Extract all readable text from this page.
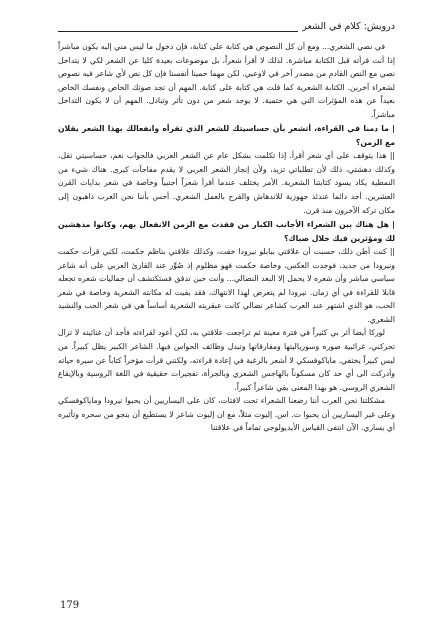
درويش: كلام في الشعر

في نصي الشعري... ومع أن كل النصوص هي كتابة على كتابة، فإن دخول ما ليس مني إليه يكون مباشراً إذا أنت قرأته قبل الكتابة مباشرة. لذلك لا أقرأ شعراً، بل موضوعات بعيدة كليا عن الشعر لكي لا يتداخل نصي مع النص القادم من مصدر آخر في لاوعيي. لكن مهما حمينا أنفسنا فإن كل نص لأي شاعر فيه نصوص لشعراء آخرين. الكتابة الشعرية كما قلت هي كتابة على كتابة. المهم أن تجد صوتك الخاص ونفسك الخاص بعيداً عن هذه المؤثرات التي هي حتمية. لا يوجد شعر من دون تأثر وتبادل. المهم أن لا يكون التداخل مباشراً.

| ما دمنا في القراءة، أتشعر بأن حساسيتك للشعر الذي تقرأه وانفعالك بهذا الشعر يقلان مع الزمن؟

|| هذا يتوقف على أي شعر أقرأ. إذا تكلمت بشكل عام عن الشعر العربي فالجواب نعم، حساسيتي تقل، وكذلك دهشتي، ذلك لأن تطلباتي تزيد، ولأن إنجاز الشعر العربي لا يقدم مفاجآت كبرى. هناك شيء من النمطية يكاد يسود كتابتنا الشعرية. الأمر يختلف عندما أقرأ شعراً أجنبياً وخاصة في شعر بدايات القرن العشرين. أجد دائما عندئذ جهوزية للاندهاش والفرح بالعمل الشعري. أحس بأننا نحن العرب ذاهبون إلى مكان تركه الآخرون منذ قرن.

| هل هناك بين الشعراء الأجانب الكبار من فقدت مع الزمن الانفعال بهم، وكانوا مدهشين لك ومؤثرين فيك خلال صباك؟

|| كنت أظن ذلك، حسبت أن علاقتي ببابلو نيرودا خفت، وكذلك علاقتي بناظم حكمت، لكني قرأت حكمت ونيرودا من جديد، فوجدت العكس، وخاصة حكمت فهو مظلوم إذ صُوِّر عند القارئ العربي على أنه شاعر سياسي مباشر وأن شعره لا يحمل إلا البعد النضالي... وأنت حين تدقق فستكتشف أن جماليات شعره تجعله قابلا للقراءة في أي زمان. نيرودا لم يتعرض لهذا الانتهاك، فقد بقيت له مكانته الشعرية وخاصة في شعر الحب، هو الذي اشتهر عند العرب كشاعر نضالي كانت عبقريته الشعرية أساساً هي في شعر الحب والنشيد الشعري.

لوركا أيضا أثر بي كثيراً في فترة معينة ثم تراجعت علاقتي به، لكن أعود لقراءته فأجد أن غنائيته لا تزال تحركني، غرائبية صوره وسورياليتها ومفارقاتها وتبدل وظائف الحواس فيها. الشاعر الكبير يظل كبيراً. من ليس كبيراً يختفي. ماياكوفسكي لا أشعر بالرغبة في إعادة قراءته، ولكنني قرأت مؤخراً كتاباً عن سيرة حياته وأدركت الى أي حد كان مسكوناً بالهاجس الشعري وبالجرأة، تفجيرات حقيقية في اللغة الروسية وبالإيقاع الشعري الروسي. هو بهذا المعنى بقي شاعراً كبيراً.

مشكلتنا نحن العرب أننا رضعنا الشعراء تحت لافتات، كان على اليساريين أن يحبوا نيرودا وماياكوفسكي وعلى غير اليساريين أن يحبوا ت. اس. إليوت مثلاً، مع ان إليوت شاعر لا يستطيع أن ينجو من سحره وتأثيره أي يساري. الآن انتفى القياس الأيديولوجي تماماً في علاقتنا

179
